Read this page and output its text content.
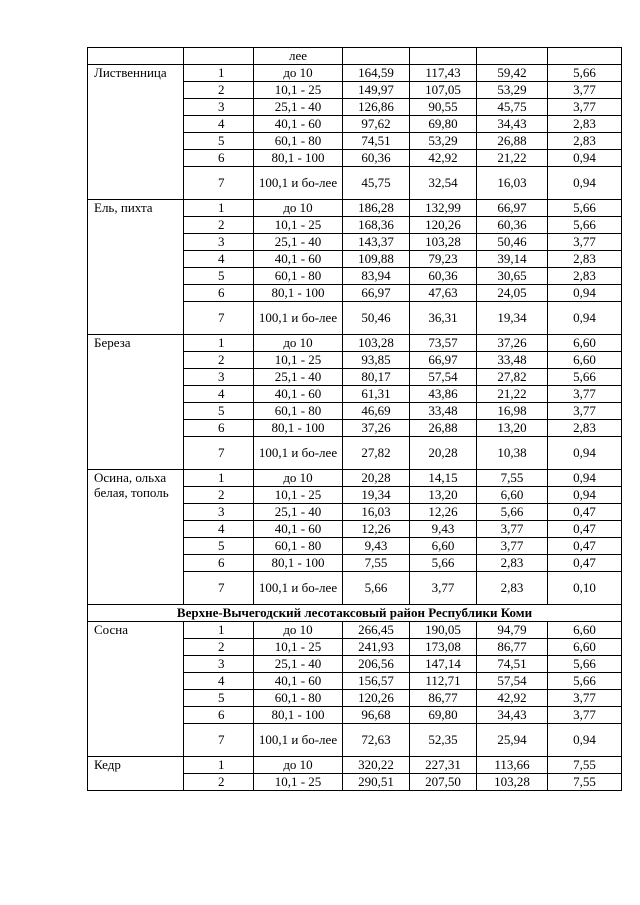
		лее				
Лиственница	1	до 10	164,59	117,43	59,42	5,66
	2	10,1 - 25	149,97	107,05	53,29	3,77
	3	25,1 - 40	126,86	90,55	45,75	3,77
	4	40,1 - 60	97,62	69,80	34,43	2,83
	5	60,1 - 80	74,51	53,29	26,88	2,83
	6	80,1 - 100	60,36	42,92	21,22	0,94
	7	100,1 и бо-лее	45,75	32,54	16,03	0,94
Ель, пихта	1	до 10	186,28	132,99	66,97	5,66
	2	10,1 - 25	168,36	120,26	60,36	5,66
	3	25,1 - 40	143,37	103,28	50,46	3,77
	4	40,1 - 60	109,88	79,23	39,14	2,83
	5	60,1 - 80	83,94	60,36	30,65	2,83
	6	80,1 - 100	66,97	47,63	24,05	0,94
	7	100,1 и бо-лее	50,46	36,31	19,34	0,94
Береза	1	до 10	103,28	73,57	37,26	6,60
	2	10,1 - 25	93,85	66,97	33,48	6,60
	3	25,1 - 40	80,17	57,54	27,82	5,66
	4	40,1 - 60	61,31	43,86	21,22	3,77
	5	60,1 - 80	46,69	33,48	16,98	3,77
	6	80,1 - 100	37,26	26,88	13,20	2,83
	7	100,1 и бо-лее	27,82	20,28	10,38	0,94
Осина, ольха белая, тополь	1	до 10	20,28	14,15	7,55	0,94
	2	10,1 - 25	19,34	13,20	6,60	0,94
	3	25,1 - 40	16,03	12,26	5,66	0,47
	4	40,1 - 60	12,26	9,43	3,77	0,47
	5	60,1 - 80	9,43	6,60	3,77	0,47
	6	80,1 - 100	7,55	5,66	2,83	0,47
	7	100,1 и бо-лее	5,66	3,77	2,83	0,10
Верхне-Вычегодский лесотаксовый район Республики Коми						
Сосна	1	до 10	266,45	190,05	94,79	6,60
	2	10,1 - 25	241,93	173,08	86,77	6,60
	3	25,1 - 40	206,56	147,14	74,51	5,66
	4	40,1 - 60	156,57	112,71	57,54	5,66
	5	60,1 - 80	120,26	86,77	42,92	3,77
	6	80,1 - 100	96,68	69,80	34,43	3,77
	7	100,1 и бо-лее	72,63	52,35	25,94	0,94
Кедр	1	до 10	320,22	227,31	113,66	7,55
	2	10,1 - 25	290,51	207,50	103,28	7,55
